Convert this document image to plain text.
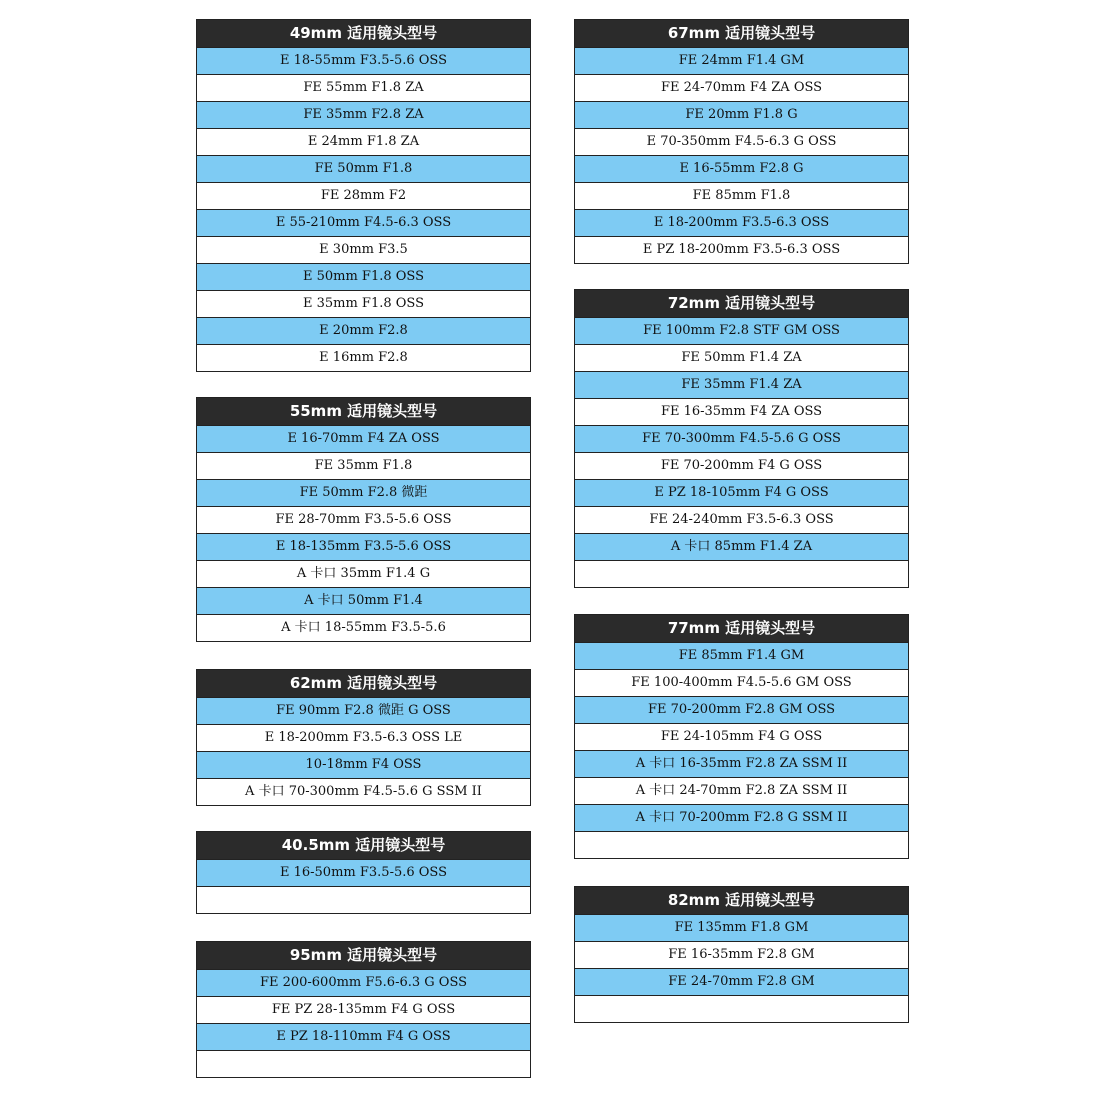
49mm 适用镜头型号
E 18-55mm F3.5-5.6 OSS
FE 55mm F1.8 ZA
FE 35mm F2.8 ZA
E 24mm F1.8 ZA
FE 50mm F1.8
FE 28mm F2
E 55-210mm F4.5-6.3 OSS
E 30mm F3.5
E 50mm F1.8 OSS
E 35mm F1.8 OSS
E 20mm F2.8
E 16mm F2.8
55mm 适用镜头型号
E 16-70mm F4 ZA OSS
FE 35mm F1.8
FE 50mm F2.8 微距
FE 28-70mm F3.5-5.6 OSS
E 18-135mm F3.5-5.6 OSS
A 卡口 35mm F1.4 G
A 卡口 50mm F1.4
A 卡口 18-55mm F3.5-5.6
62mm 适用镜头型号
FE 90mm F2.8 微距 G OSS
E 18-200mm F3.5-6.3 OSS LE
10-18mm F4 OSS
A 卡口 70-300mm F4.5-5.6 G SSM II
40.5mm 适用镜头型号
E 16-50mm F3.5-5.6 OSS
95mm 适用镜头型号
FE 200-600mm F5.6-6.3 G OSS
FE PZ 28-135mm F4 G OSS
E PZ 18-110mm F4 G OSS
67mm 适用镜头型号
FE 24mm F1.4 GM
FE 24-70mm F4 ZA OSS
FE 20mm F1.8 G
E 70-350mm F4.5-6.3 G OSS
E 16-55mm F2.8 G
FE 85mm F1.8
E 18-200mm F3.5-6.3 OSS
E PZ 18-200mm F3.5-6.3 OSS
72mm 适用镜头型号
FE 100mm F2.8 STF GM OSS
FE 50mm F1.4 ZA
FE 35mm F1.4 ZA
FE 16-35mm F4 ZA OSS
FE 70-300mm F4.5-5.6 G OSS
FE 70-200mm F4 G OSS
E PZ 18-105mm F4 G OSS
FE 24-240mm F3.5-6.3 OSS
A 卡口 85mm F1.4 ZA
77mm 适用镜头型号
FE 85mm F1.4 GM
FE 100-400mm F4.5-5.6 GM OSS
FE 70-200mm F2.8 GM OSS
FE 24-105mm F4 G OSS
A 卡口 16-35mm F2.8 ZA SSM II
A 卡口 24-70mm F2.8 ZA SSM II
A 卡口 70-200mm F2.8 G SSM II
82mm 适用镜头型号
FE 135mm F1.8 GM
FE 16-35mm F2.8 GM
FE 24-70mm F2.8 GM
